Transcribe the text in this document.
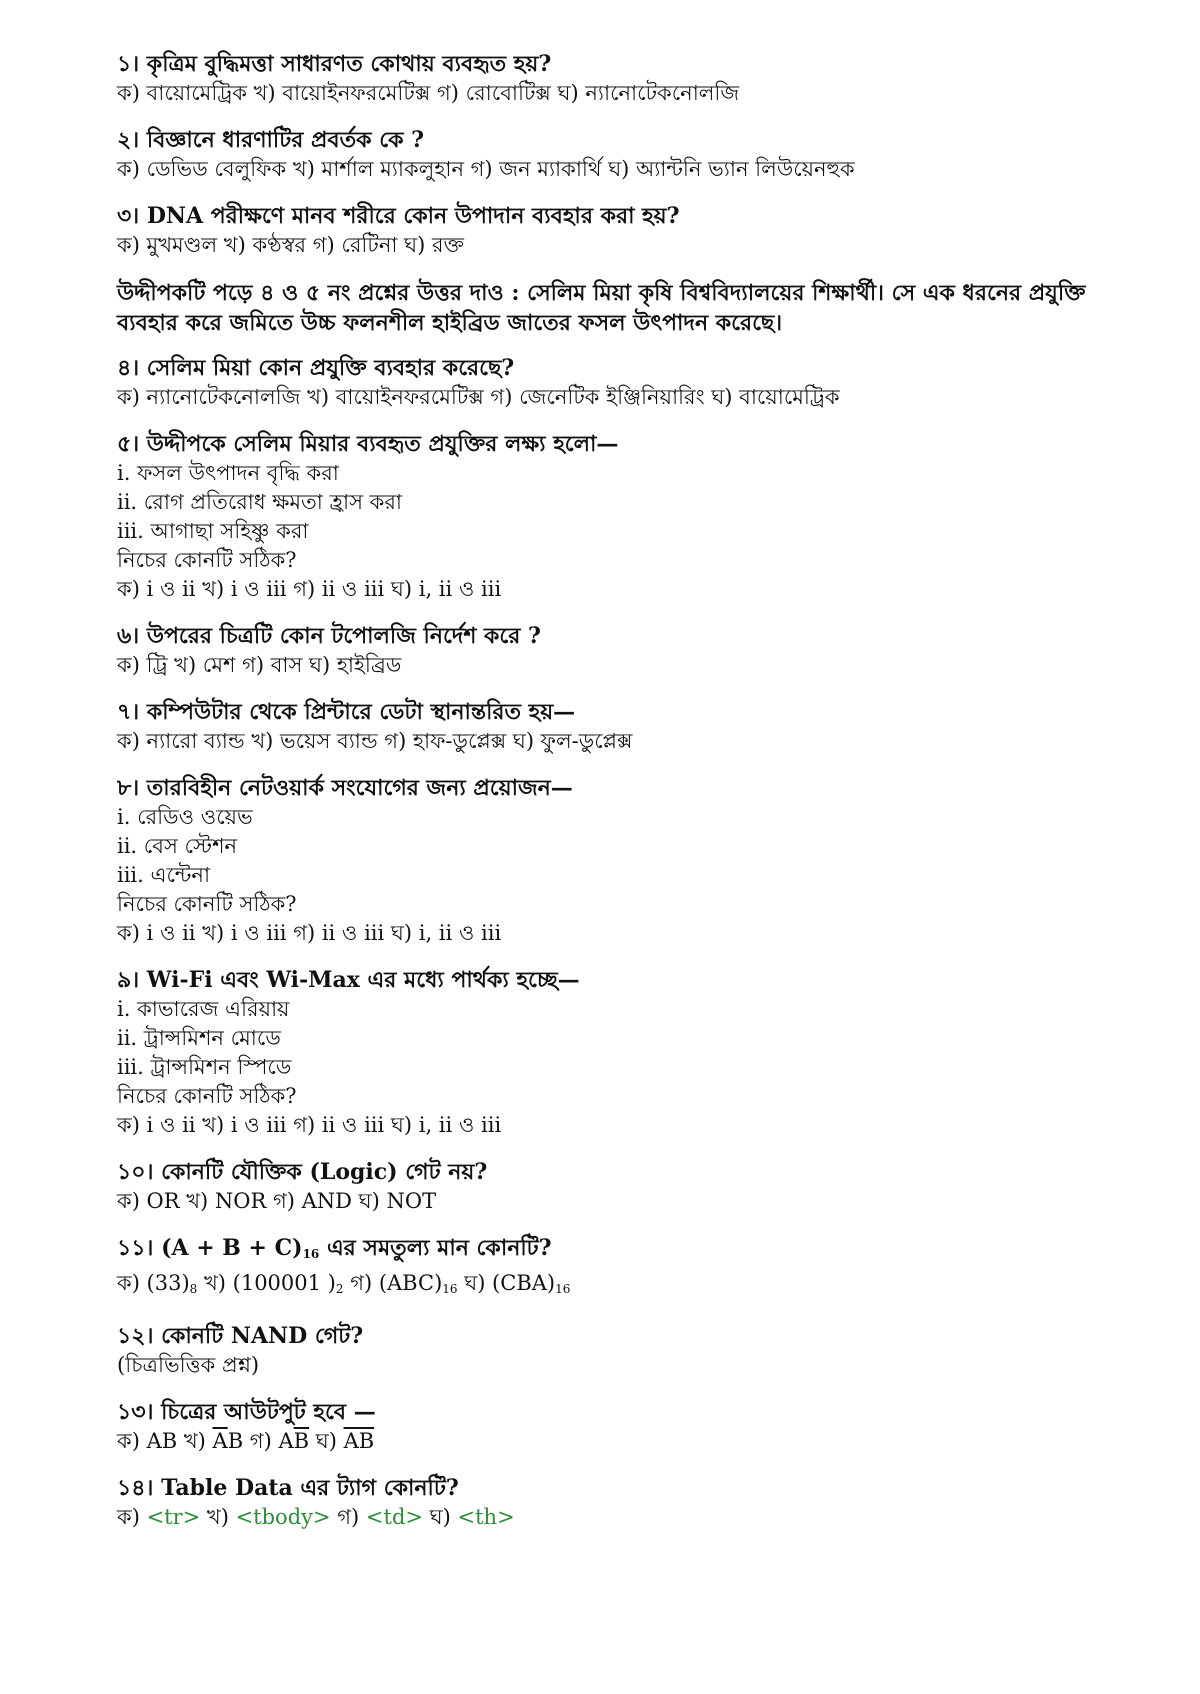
১। কৃত্রিম বুদ্ধিমত্তা সাধারণত কোথায় ব্যবহৃত হয়?
ক) বায়োমেট্রিক খ) বায়োইনফরমেটিক্স গ) রোবোটিক্স ঘ) ন্যানোটেকনোলজি
২। বিজ্ঞানে ধারণাটির প্রবর্তক কে ?
ক) ডেভিড বেলুফিক খ) মার্শাল ম্যাকলুহান গ) জন ম্যাকার্থি ঘ) অ্যান্টনি ভ্যান লিউয়েনহুক
৩। DNA পরীক্ষণে মানব শরীরে কোন উপাদান ব্যবহার করা হয়?
ক) মুখমণ্ডল খ) কণ্ঠস্বর গ) রেটিনা ঘ) রক্ত
উদ্দীপকটি পড়ে ৪ ও ৫ নং প্রশ্নের উত্তর দাও : সেলিম মিয়া কৃষি বিশ্ববিদ্যালয়ের শিক্ষার্থী। সে এক ধরনের প্রযুক্তি ব্যবহার করে জমিতে উচ্চ ফলনশীল হাইব্রিড জাতের ফসল উৎপাদন করেছে।
৪। সেলিম মিয়া কোন প্রযুক্তি ব্যবহার করেছে?
ক) ন্যানোটেকনোলজি খ) বায়োইনফরমেটিক্স গ) জেনেটিক ইঞ্জিনিয়ারিং ঘ) বায়োমেট্রিক
৫। উদ্দীপকে সেলিম মিয়ার ব্যবহৃত প্রযুক্তির লক্ষ্য হলো—
i. ফসল উৎপাদন বৃদ্ধি করা
ii. রোগ প্রতিরোধ ক্ষমতা হ্রাস করা
iii. আগাছা সহিষ্ণু করা
নিচের কোনটি সঠিক?
ক) i ও ii খ) i ও iii গ) ii ও iii ঘ) i, ii ও iii
৬। উপরের চিত্রটি কোন টপোলজি নির্দেশ করে ?
ক) ট্রি খ) মেশ গ) বাস ঘ) হাইব্রিড
৭। কম্পিউটার থেকে প্রিন্টারে ডেটা স্থানান্তরিত হয়—
ক) ন্যারো ব্যান্ড খ) ভয়েস ব্যান্ড গ) হাফ-ডুপ্লেক্স ঘ) ফুল-ডুপ্লেক্স
৮। তারবিহীন নেটওয়ার্ক সংযোগের জন্য প্রয়োজন—
i. রেডিও ওয়েভ
ii. বেস স্টেশন
iii. এন্টেনা
নিচের কোনটি সঠিক?
ক) i ও ii খ) i ও iii গ) ii ও iii ঘ) i, ii ও iii
৯। Wi-Fi এবং Wi-Max এর মধ্যে পার্থক্য হচ্ছে—
i. কাভারেজ এরিয়ায়
ii. ট্রান্সমিশন মোডে
iii. ট্রান্সমিশন স্পিডে
নিচের কোনটি সঠিক?
ক) i ও ii খ) i ও iii গ) ii ও iii ঘ) i, ii ও iii
১০। কোনটি যৌক্তিক (Logic) গেট নয়?
ক) OR খ) NOR গ) AND ঘ) NOT
১১। $(A + B + C)_{16}$ এর সমতুল্য মান কোনটি?
ক) $(33)_8$ খ) (100001 )$_2$ গ) $(ABC)_{16}$ ঘ) $(CBA)_{16}$
১২। কোনটি NAND গেট?
(চিত্রভিত্তিক প্রশ্ন)
১৩। চিত্রের আউটপুট হবে —
ক) AB খ) $\overline{A}B$ গ) $A\overline{B}$ ঘ) $\overline{AB}$
১৪। Table Data এর ট্যাগ কোনটি?
ক) <tr> খ) <tbody> গ) <td> ঘ) <th>
